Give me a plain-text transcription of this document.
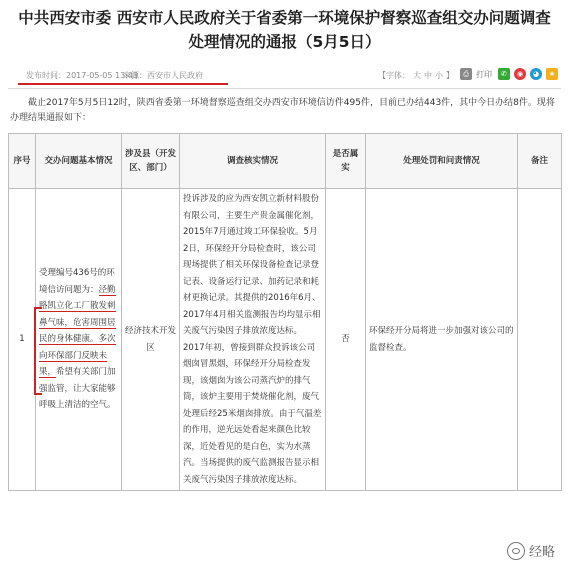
中共西安市委 西安市人民政府关于省委第一环境保护督察巡查组交办问题调查
处理情况的通报（5月5日）
发布时间：2017-05-05 13:43
来源：西安市人民政府	【字体： 大 中 小 】	⎙ 打印	✆	◉	◕	★
截止2017年5月5日12时，陕西省委第一环境督察巡查组交办西安市环境信访件495件，目前已办结443件，其中今日办结8件。现将办理结果通报如下：
序号	交办问题基本情况	涉及县（开发区、部门）	调查核实情况	是否属实	处理处罚和问责情况	备注
1	受理编号436号的环境信访问题为：泾勤路凯立化工厂散发刺鼻气味，危害周围居民的身体健康。多次向环保部门反映未果，希望有关部门加强监管，让大家能够呼吸上清洁的空气。	经济技术开发区	投诉涉及的应为西安凯立新材料股份有限公司，主要生产贵金属催化剂，2015年7月通过竣工环保验收。5月2日，环保经开分局检查时，该公司现场提供了相关环保设备检查记录登记表、设备运行记录、加药记录和耗材更换记录。其提供的2016年6月、2017年4月相关监测报告均均显示相关废气污染因子排放浓度达标。2017年初，曾接到群众投诉该公司烟囱冒黑烟，环保经开分局检查发现，该烟囱为该公司蒸汽炉的排气筒，该炉主要用于焚烧催化剂，废气处理后经25米烟囱排放。由于气温差的作用，逆光远处看起来颜色比较深，近处看见的是白色，实为水蒸汽。当场提供的废气监测报告显示相关废气污染因子排放浓度达标。	否	环保经开分局将进一步加强对该公司的监督检查。	
经略
